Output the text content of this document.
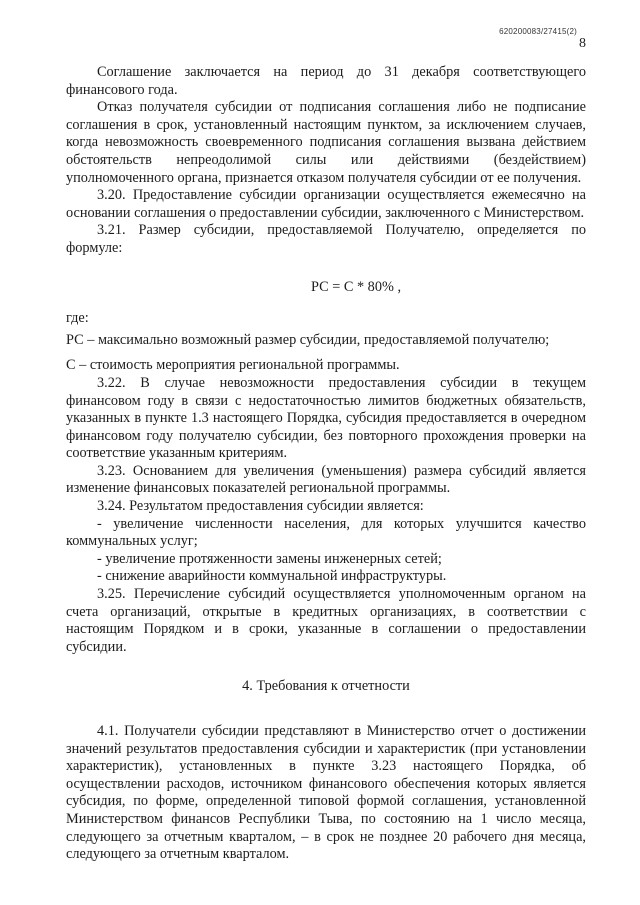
620200083/27415(2)
8

Соглашение заключается на период до 31 декабря соответствующего финансового года.

Отказ получателя субсидии от подписания соглашения либо не подписание соглашения в срок, установленный настоящим пунктом, за исключением случаев, когда невозможность своевременного подписания соглашения вызвана действием обстоятельств непреодолимой силы или действиями (бездействием) уполномоченного органа, признается отказом получателя субсидии от ее получения.

3.20. Предоставление субсидии организации осуществляется ежемесячно на основании соглашения о предоставлении субсидии, заключенного с Министерством.

3.21. Размер субсидии, предоставляемой Получателю, определяется по формуле:

РС = С * 80% ,

где:

РС – максимально возможный размер субсидии, предоставляемой получателю;

С – стоимость мероприятия региональной программы.

3.22. В случае невозможности предоставления субсидии в текущем финансовом году в связи с недостаточностью лимитов бюджетных обязательств, указанных в пункте 1.3 настоящего Порядка, субсидия предоставляется в очередном финансовом году получателю субсидии, без повторного прохождения проверки на соответствие указанным критериям.

3.23. Основанием для увеличения (уменьшения) размера субсидий является изменение финансовых показателей региональной программы.

3.24. Результатом предоставления субсидии является:

- увеличение численности населения, для которых улучшится качество коммунальных услуг;

- увеличение протяженности замены инженерных сетей;

- снижение аварийности коммунальной инфраструктуры.

3.25. Перечисление субсидий осуществляется уполномоченным органом на счета организаций, открытые в кредитных организациях, в соответствии с настоящим Порядком и в сроки, указанные в соглашении о предоставлении субсидии.

4. Требования к отчетности

4.1. Получатели субсидии представляют в Министерство отчет о достижении значений результатов предоставления субсидии и характеристик (при установлении характеристик), установленных в пункте 3.23 настоящего Порядка, об осуществлении расходов, источником финансового обеспечения которых является субсидия, по форме, определенной типовой формой соглашения, установленной Министерством финансов Республики Тыва, по состоянию на 1 число месяца, следующего за отчетным кварталом, – в срок не позднее 20 рабочего дня месяца, следующего за отчетным кварталом.
